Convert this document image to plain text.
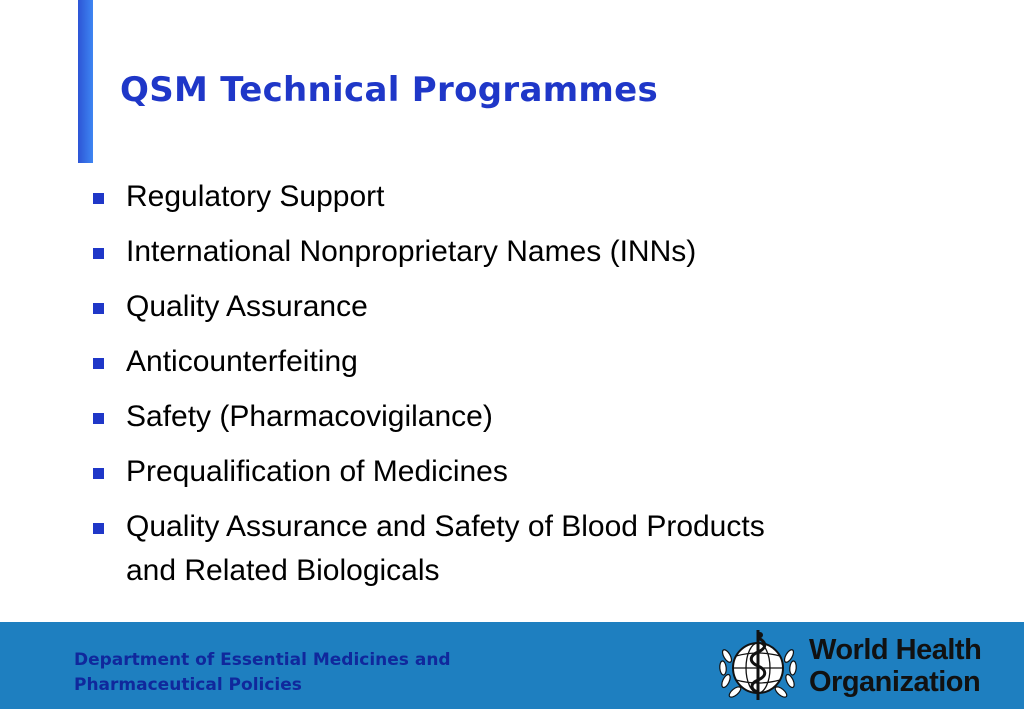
QSM Technical Programmes
Regulatory Support
International Nonproprietary Names (INNs)
Quality Assurance
Anticounterfeiting
Safety (Pharmacovigilance)
Prequalification of Medicines
Quality Assurance and Safety of Blood Products
and Related Biologicals

Department of Essential Medicines and
Pharmaceutical Policies

World Health
Organization
